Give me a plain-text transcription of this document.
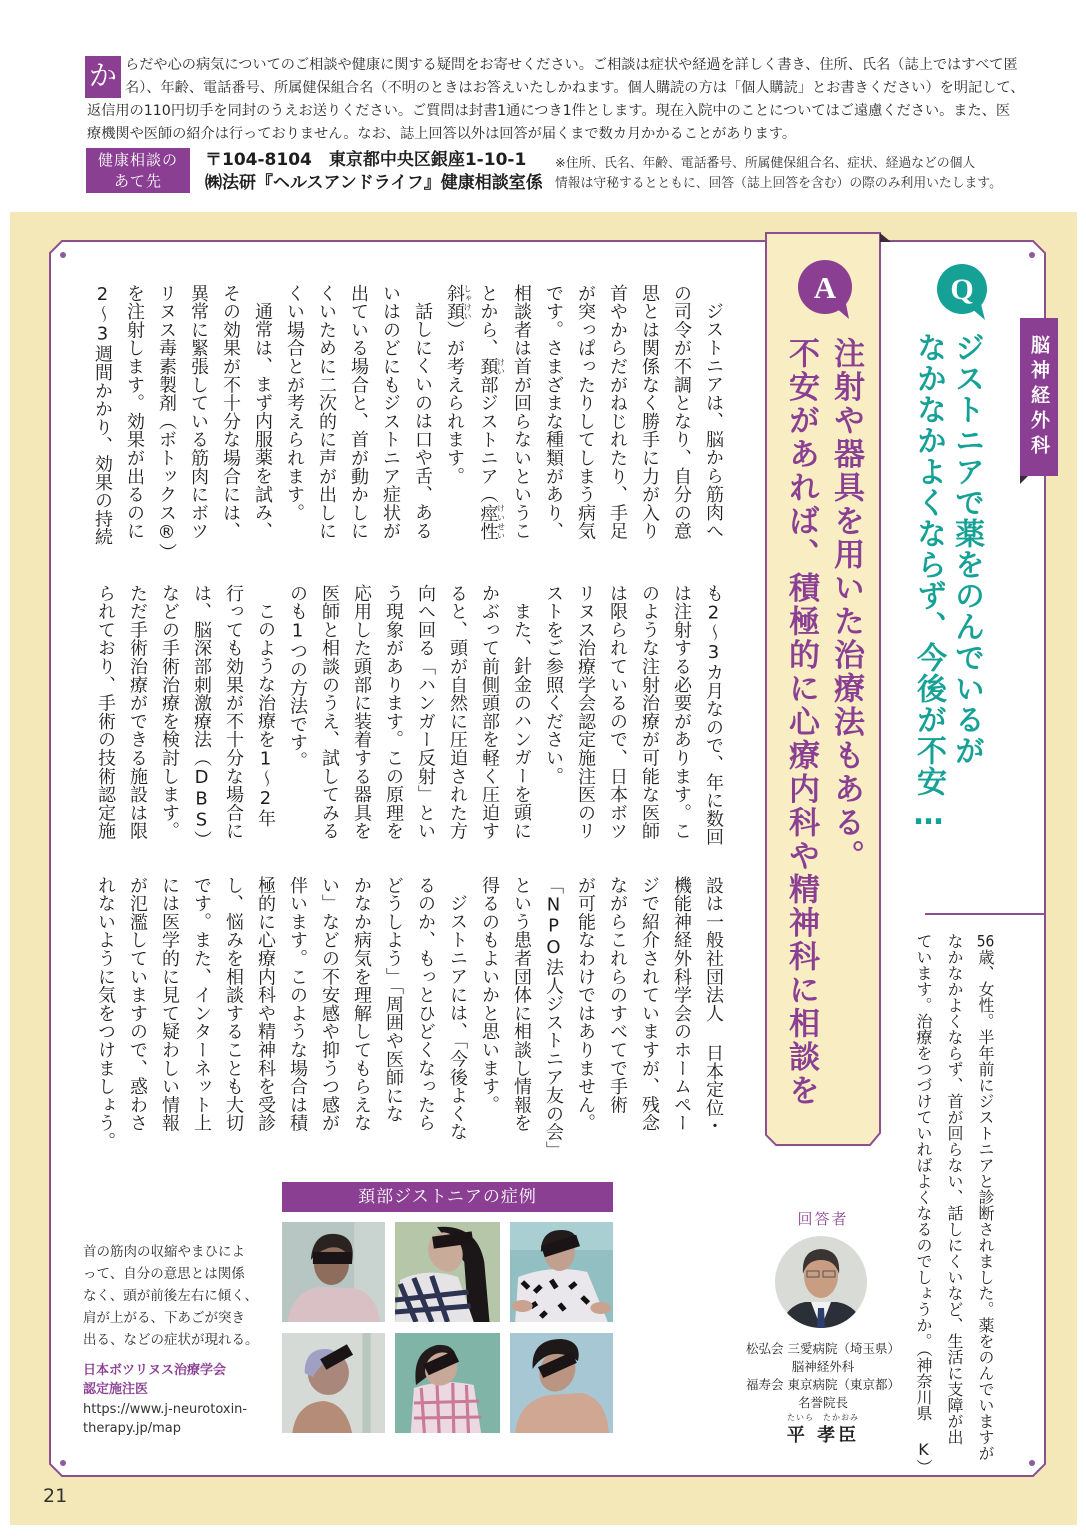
か らだや心の病気についてのご相談や健康に関する疑問をお寄せください。ご相談は症状や経過を詳しく書き、住所、氏名（誌上ではすべて匿
名）、年齢、電話番号、所属健保組合名（不明のときはお答えいたしかねます。個人購読の方は「個人購読」とお書きください）を明記して、
返信用の110円切手を同封のうえお送りください。ご質問は封書1通につき1件とします。現在入院中のことについてはご遠慮ください。また、医
療機関や医師の紹介は行っておりません。なお、誌上回答以外は回答が届くまで数カ月かかることがあります。
健康相談の
あて先
〒104-8104　東京都中央区銀座1-10-1
㈱法研『ヘルスアンドライフ』健康相談室係
※住所、氏名、年齢、電話番号、所属健保組合名、症状、経過などの個人
情報は守秘するとともに、回答（誌上回答を含む）の際のみ利用いたします。
脳神経外科
Q
ジストニアで薬をのんでいるが
なかなかよくならず、今後が不安…
56歳、女性。半年前にジストニアと診断されました。薬をのんでいますが
なかなかよくならず、首が回らない、話しにくいなど、生活に支障が出
ています。治療をつづけていればよくなるのでしょうか。（神奈川県 K）
A
注射や器具を用いた治療法もある。
不安があれば、積極的に心療内科や精神科に相談を
ジストニアは、脳から筋肉へ
の司令が不調となり、自分の意
思とは関係なく勝手に力が入り
首やからだがねじれたり、手足
が突っぱったりしてしまう病気
です。さまざまな種類があり、
相談者は首が回らないというこ
とから、頚けい部ジストニア（痙性けいせい
斜頚しゃけい）が考えられます。
話しにくいのは口や舌、ある
いはのどにもジストニア症状が
出ている場合と、首が動かしに
くいために二次的に声が出しに
くい場合とが考えられます。
通常は、まず内服薬を試み、
その効果が不十分な場合には、
異常に緊張している筋肉にボツ
リヌス毒素製剤（ボトックス®）
を注射します。効果が出るのに
2〜3週間かかり、効果の持続
も2〜3カ月なので、年に数回
は注射する必要があります。こ
のような注射治療が可能な医師
は限られているので、日本ボツ
リヌス治療学会認定施注医のリ
ストをご参照ください。
また、針金のハンガーを頭に
かぶって前側頭部を軽く圧迫す
ると、頭が自然に圧迫された方
向へ回る「ハンガー反射」とい
う現象があります。この原理を
応用した頭部に装着する器具を
医師と相談のうえ、試してみる
のも1つの方法です。
このような治療を1〜2年
行っても効果が不十分な場合に
は、脳深部刺激療法（DBS）
などの手術治療を検討します。
ただ手術治療ができる施設は限
られており、手術の技術認定施
設は一般社団法人 日本定位・
機能神経外科学会のホームペー
ジで紹介されていますが、残念
ながらこれらのすべてで手術
が可能なわけではありません。
「NPO法人ジストニア友の会」
という患者団体に相談し情報を
得るのもよいかと思います。
ジストニアには、「今後よくな
るのか、もっとひどくなったら
どうしよう」「周囲や医師にな
かなか病気を理解してもらえな
い」などの不安感や抑うつ感が
伴います。このような場合は積
極的に心療内科や精神科を受診
し、悩みを相談することも大切
です。また、インターネット上
には医学的に見て疑わしい情報
が氾濫していますので、惑わさ
れないように気をつけましょう。
頚部ジストニアの症例
首の筋肉の収縮やまひによ
って、自分の意思とは関係
なく、頭が前後左右に傾く、
肩が上がる、下あごが突き
出る、などの症状が現れる。
日本ボツリヌス治療学会
認定施注医
https://www.j-neurotoxin-
therapy.jp/map
回答者
松弘会 三愛病院（埼玉県）
脳神経外科
福寿会 東京病院（東京都）
名誉院長
たいら　たかおみ
平 孝臣
21
